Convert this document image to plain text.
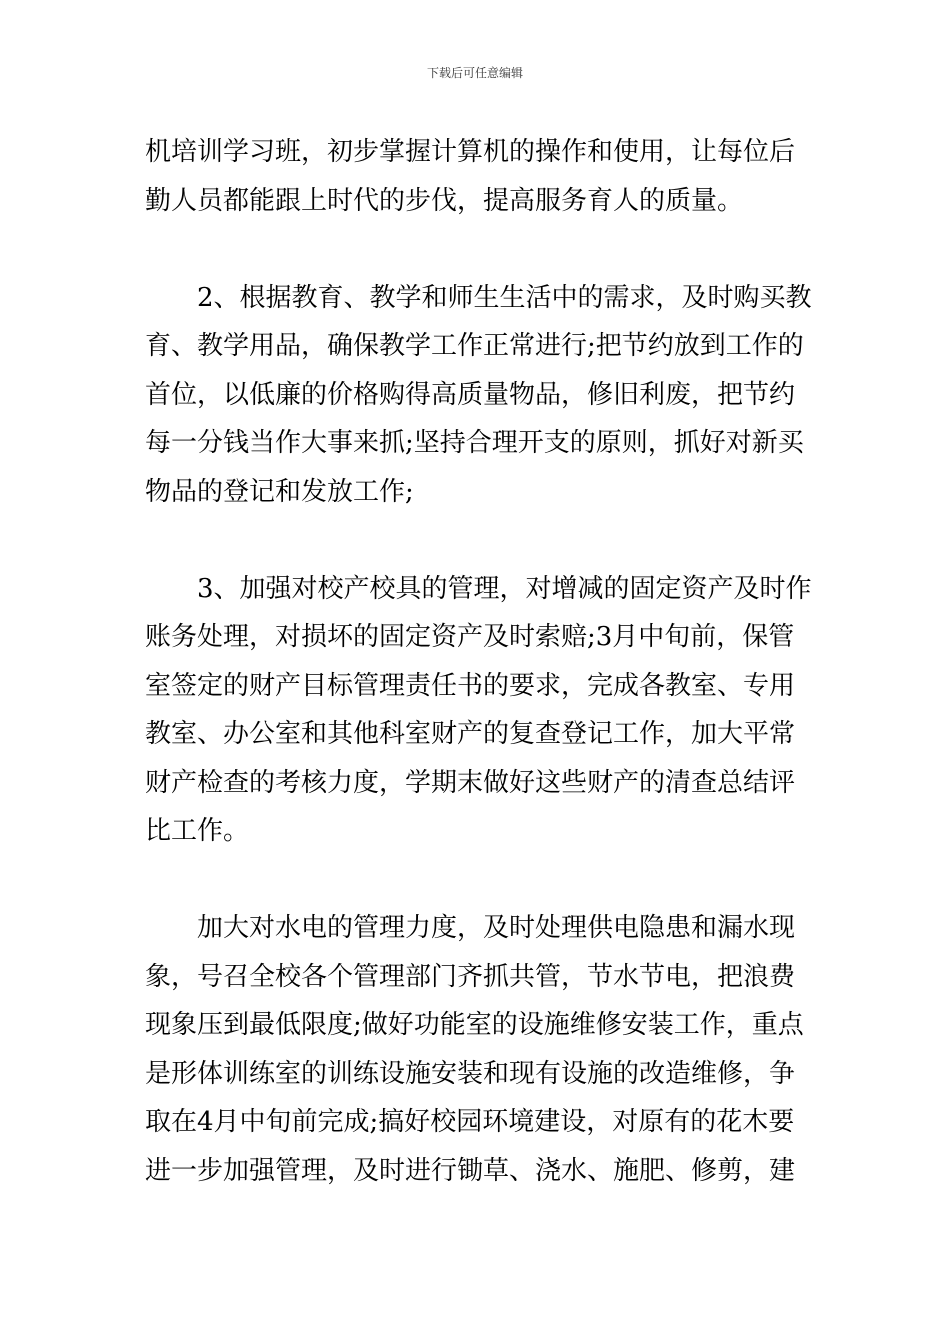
下载后可任意编辑
机培训学习班，初步掌握计算机的操作和使用，让每位后
勤人员都能跟上时代的步伐，提高服务育人的质量。
2、根据教育、教学和师生生活中的需求，及时购买教
育、教学用品，确保教学工作正常进行;把节约放到工作的
首位，以低廉的价格购得高质量物品，修旧利废，把节约
每一分钱当作大事来抓;坚持合理开支的原则，抓好对新买
物品的登记和发放工作;
3、加强对校产校具的管理，对增减的固定资产及时作
账务处理，对损坏的固定资产及时索赔;3月中旬前，保管
室签定的财产目标管理责任书的要求，完成各教室、专用
教室、办公室和其他科室财产的复查登记工作，加大平常
财产检查的考核力度，学期末做好这些财产的清查总结评
比工作。
加大对水电的管理力度，及时处理供电隐患和漏水现
象，号召全校各个管理部门齐抓共管，节水节电，把浪费
现象压到最低限度;做好功能室的设施维修安装工作，重点
是形体训练室的训练设施安装和现有设施的改造维修，争
取在4月中旬前完成;搞好校园环境建设，对原有的花木要
进一步加强管理，及时进行锄草、浇水、施肥、修剪，建
